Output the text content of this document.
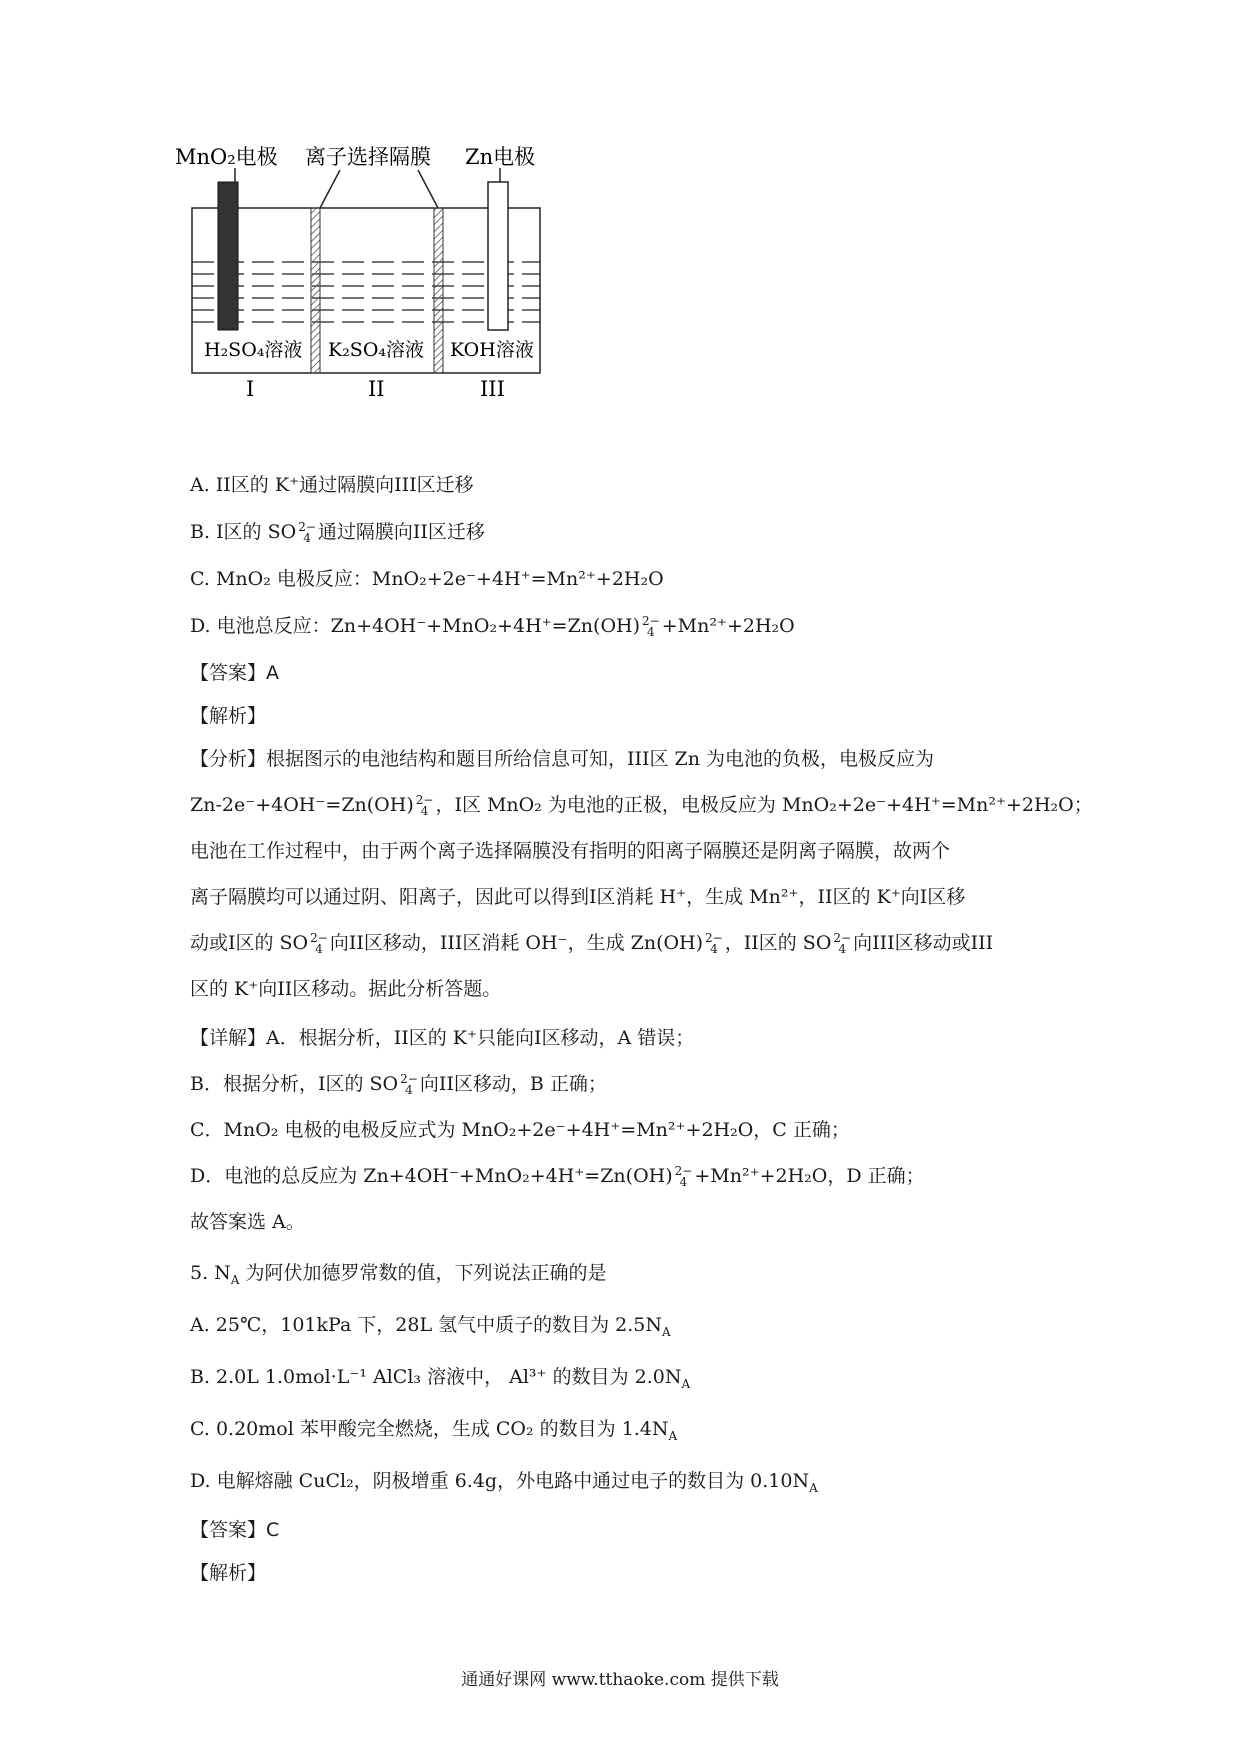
MnO₂电极 离子选择隔膜 Zn电极
H₂SO₄溶液 K₂SO₄溶液 KOH溶液
I	II	III
A. II区的 K⁺通过隔膜向III区迁移
B. I区的 SO 2−
4 通过隔膜向II区迁移
C. MnO₂ 电极反应：MnO₂+2e⁻+4H⁺=Mn²⁺+2H₂O
D. 电池总反应：Zn+4OH⁻+MnO₂+4H⁺=Zn(OH) 2−
4 +Mn²⁺+2H₂O
【答案】A
【解析】
【分析】根据图示的电池结构和题目所给信息可知，III区 Zn 为电池的负极，电极反应为
Zn-2e⁻+4OH⁻=Zn(OH) 2−
4 ，I区 MnO₂ 为电池的正极，电极反应为 MnO₂+2e⁻+4H⁺=Mn²⁺+2H₂O；
电池在工作过程中，由于两个离子选择隔膜没有指明的阳离子隔膜还是阴离子隔膜，故两个
离子隔膜均可以通过阴、阳离子，因此可以得到I区消耗 H⁺，生成 Mn²⁺，II区的 K⁺向I区移
动或I区的 SO 2−
4 向II区移动，III区消耗 OH⁻，生成 Zn(OH) 2−
4 ，II区的 SO 2−
4 向III区移动或III
区的 K⁺向II区移动。据此分析答题。
【详解】A．根据分析，II区的 K⁺只能向I区移动，A 错误；
B．根据分析，I区的 SO 2−
4 向II区移动，B 正确；
C．MnO₂ 电极的电极反应式为 MnO₂+2e⁻+4H⁺=Mn²⁺+2H₂O，C 正确；
D．电池的总反应为 Zn+4OH⁻+MnO₂+4H⁺=Zn(OH) 2−
4 +Mn²⁺+2H₂O，D 正确；
故答案选 A。
5. $N_A$ 为阿伏加德罗常数的值，下列说法正确的是
A. 25℃，101kPa 下，28L 氢气中质子的数目为 $2.5N_A$
B. 2.0L 1.0mol·L⁻¹ AlCl₃ 溶液中， Al³⁺ 的数目为 $2.0N_A$
C. 0.20mol 苯甲酸完全燃烧，生成 CO₂ 的数目为 $1.4N_A$
D. 电解熔融 CuCl₂，阴极增重 6.4g，外电路中通过电子的数目为 $0.10N_A$
【答案】C
【解析】
通通好课网 www.tthaoke.com 提供下载
